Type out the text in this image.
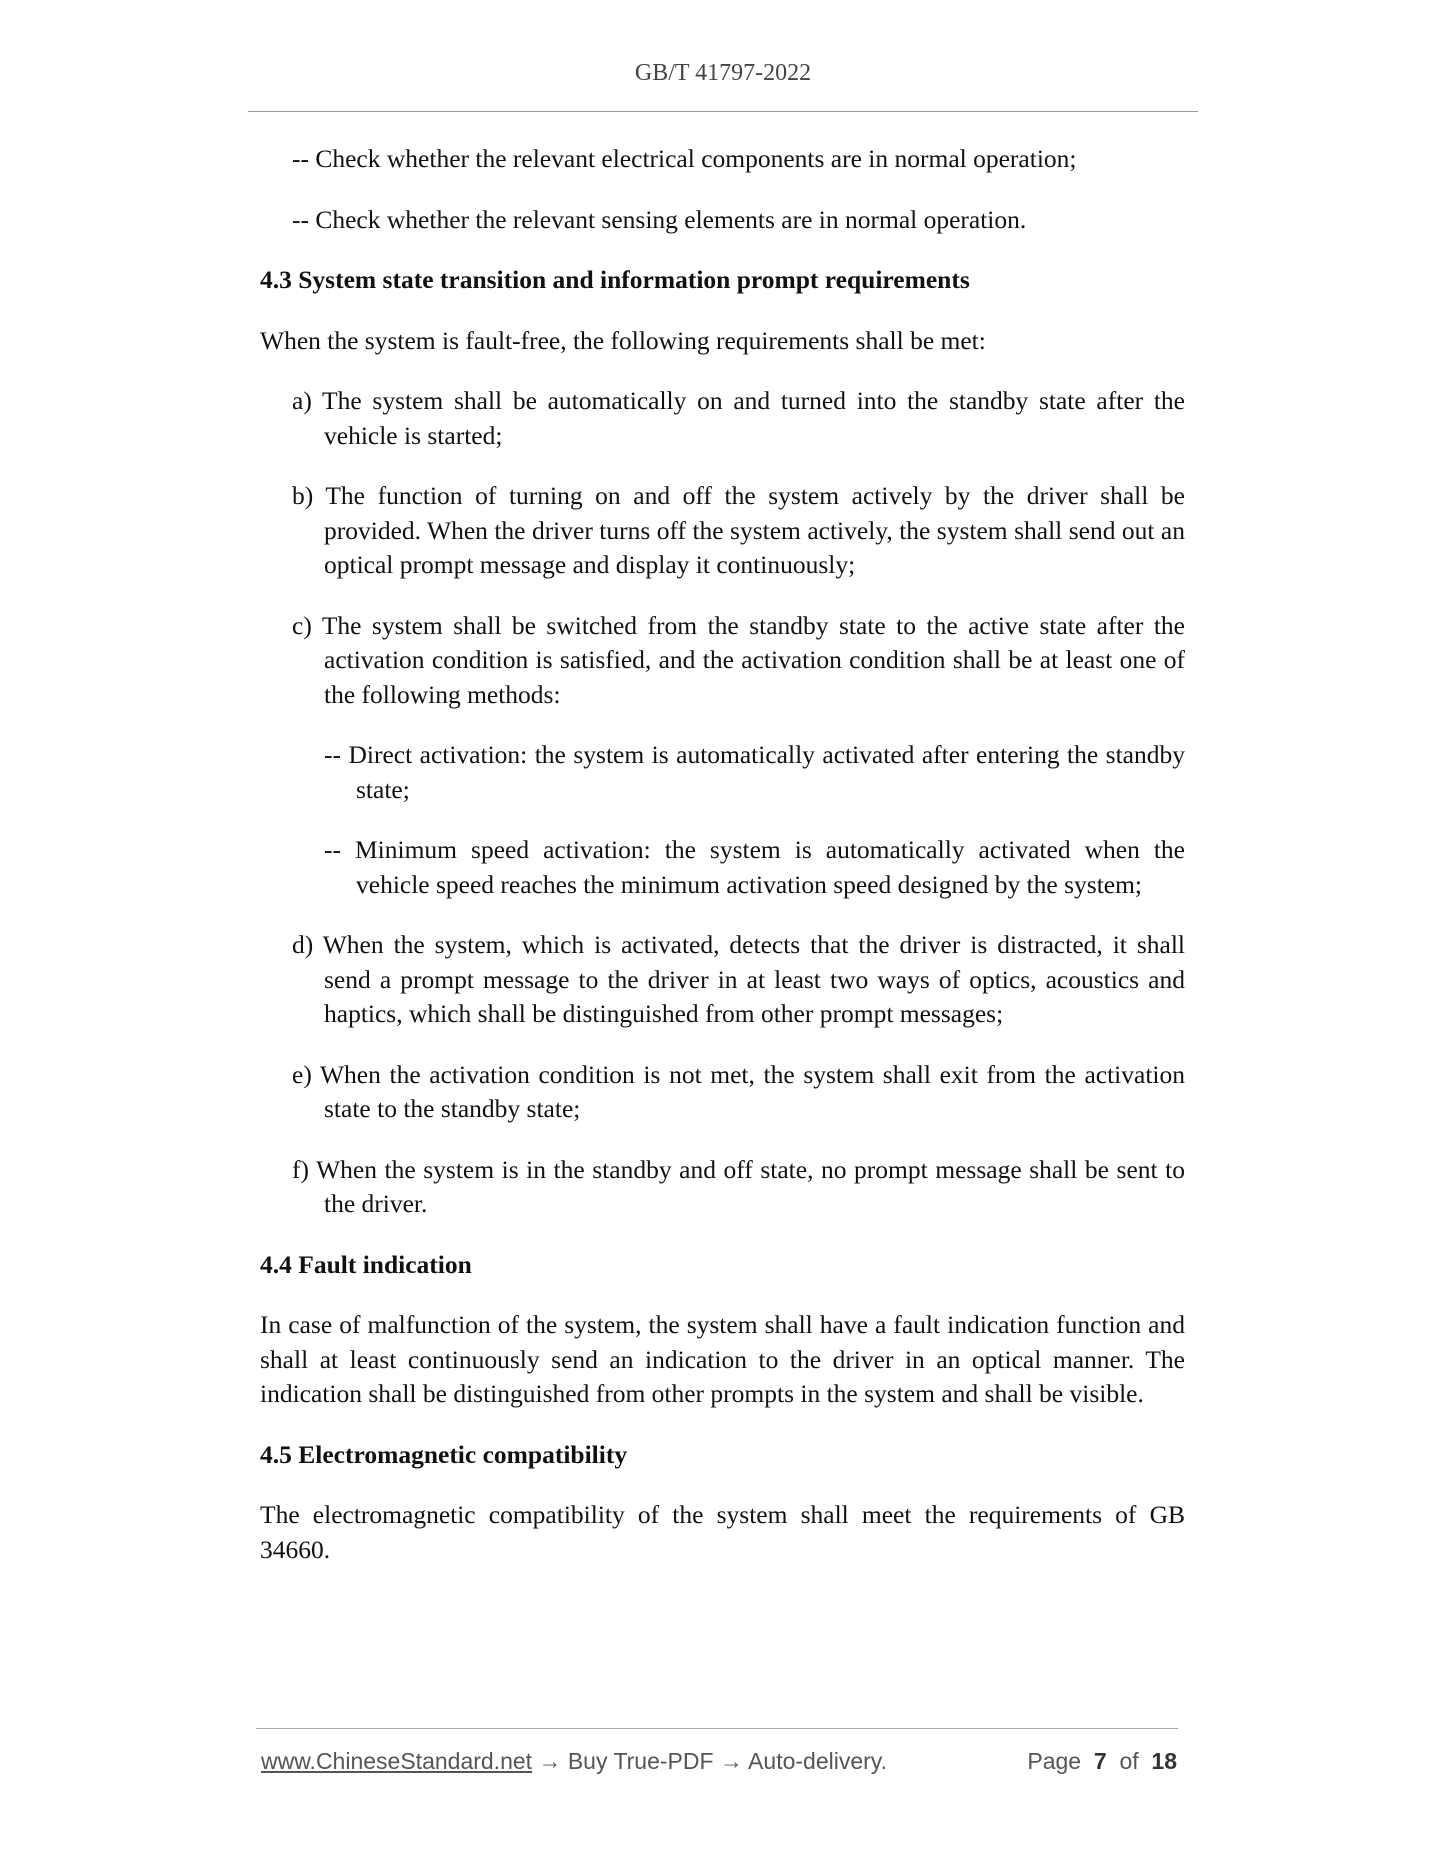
GB/T 41797-2022

-- Check whether the relevant electrical components are in normal operation;

-- Check whether the relevant sensing elements are in normal operation.

4.3 System state transition and information prompt requirements

When the system is fault-free, the following requirements shall be met:

a) The system shall be automatically on and turned into the standby state after the vehicle is started;

b) The function of turning on and off the system actively by the driver shall be provided. When the driver turns off the system actively, the system shall send out an optical prompt message and display it continuously;

c) The system shall be switched from the standby state to the active state after the activation condition is satisfied, and the activation condition shall be at least one of the following methods:

-- Direct activation: the system is automatically activated after entering the standby state;

-- Minimum speed activation: the system is automatically activated when the vehicle speed reaches the minimum activation speed designed by the system;

d) When the system, which is activated, detects that the driver is distracted, it shall send a prompt message to the driver in at least two ways of optics, acoustics and haptics, which shall be distinguished from other prompt messages;

e) When the activation condition is not met, the system shall exit from the activation state to the standby state;

f) When the system is in the standby and off state, no prompt message shall be sent to the driver.

4.4 Fault indication

In case of malfunction of the system, the system shall have a fault indication function and shall at least continuously send an indication to the driver in an optical manner. The indication shall be distinguished from other prompts in the system and shall be visible.

4.5 Electromagnetic compatibility

The electromagnetic compatibility of the system shall meet the requirements of GB 34660.

www.ChineseStandard.net → Buy True-PDF → Auto-delivery.	Page 7 of 18
